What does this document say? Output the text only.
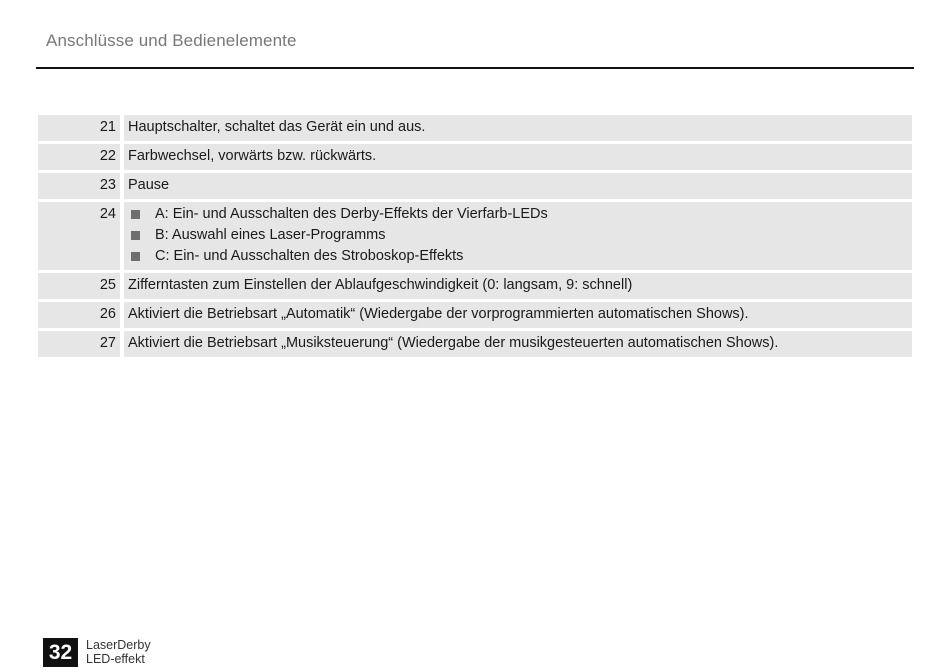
Anschlüsse und Bedienelemente
21 Hauptschalter, schaltet das Gerät ein und aus.
22 Farbwechsel, vorwärts bzw. rückwärts.
23 Pause
24	A: Ein- und Ausschalten des Derby-Effekts der Vierfarb-LEDs
B: Auswahl eines Laser-Programms
C: Ein- und Ausschalten des Stroboskop-Effekts
25 Zifferntasten zum Einstellen der Ablaufgeschwindigkeit (0: langsam, 9: schnell)
26 Aktiviert die Betriebsart „Automatik“ (Wiedergabe der vorprogrammierten automatischen Shows).
27 Aktiviert die Betriebsart „Musiksteuerung“ (Wiedergabe der musikgesteuerten automatischen Shows).
32	LaserDerby
LED-effekt
